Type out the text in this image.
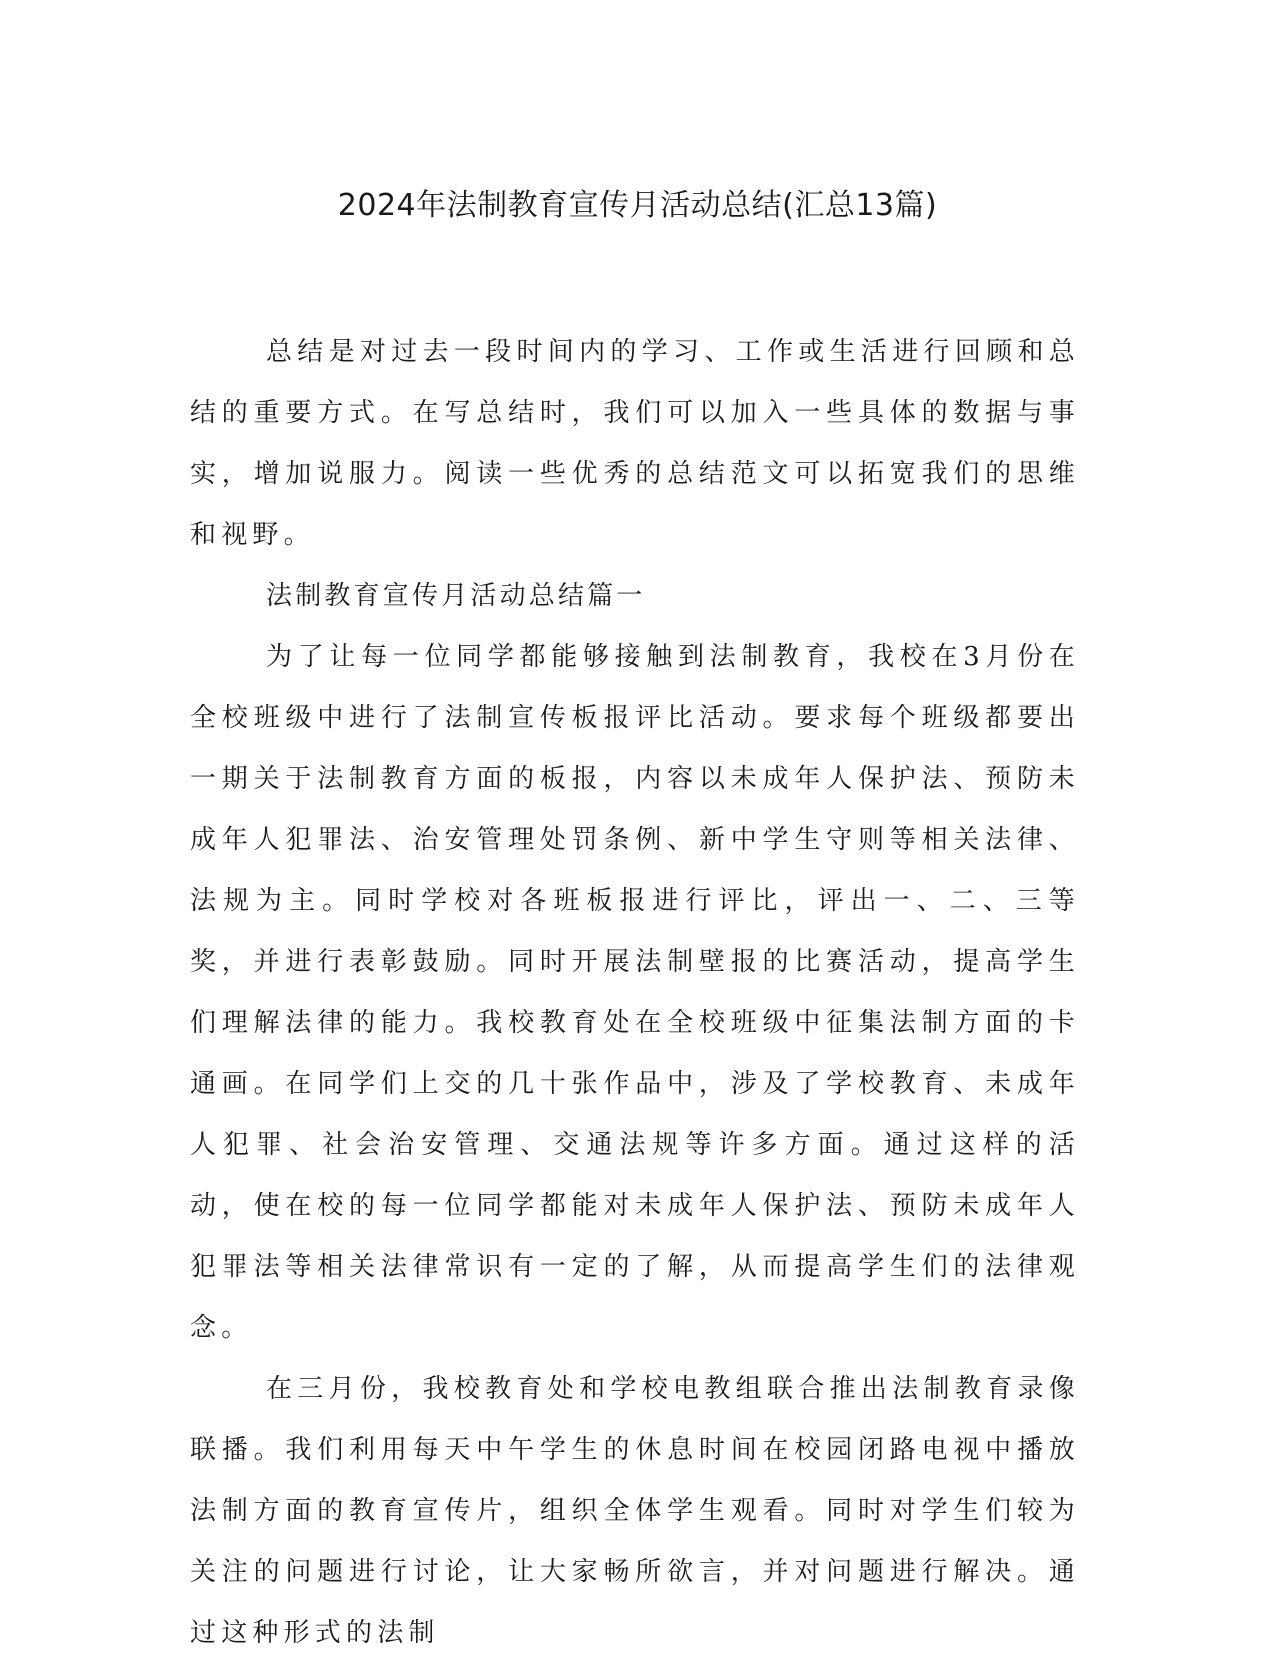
2024年法制教育宣传月活动总结(汇总13篇)

总结是对过去一段时间内的学习、工作或生活进行回顾和总结的重要方式。在写总结时，我们可以加入一些具体的数据与事实，增加说服力。阅读一些优秀的总结范文可以拓宽我们的思维和视野。

法制教育宣传月活动总结篇一

为了让每一位同学都能够接触到法制教育，我校在3月份在全校班级中进行了法制宣传板报评比活动。要求每个班级都要出一期关于法制教育方面的板报，内容以未成年人保护法、预防未成年人犯罪法、治安管理处罚条例、新中学生守则等相关法律、法规为主。同时学校对各班板报进行评比，评出一、二、三等奖，并进行表彰鼓励。同时开展法制壁报的比赛活动，提高学生们理解法律的能力。我校教育处在全校班级中征集法制方面的卡通画。在同学们上交的几十张作品中，涉及了学校教育、未成年人犯罪、社会治安管理、交通法规等许多方面。通过这样的活动，使在校的每一位同学都能对未成年人保护法、预防未成年人犯罪法等相关法律常识有一定的了解，从而提高学生们的法律观念。

在三月份，我校教育处和学校电教组联合推出法制教育录像联播。我们利用每天中午学生的休息时间在校园闭路电视中播放法制方面的教育宣传片，组织全体学生观看。同时对学生们较为关注的问题进行讨论，让大家畅所欲言，并对问题进行解决。通过这种形式的法制
